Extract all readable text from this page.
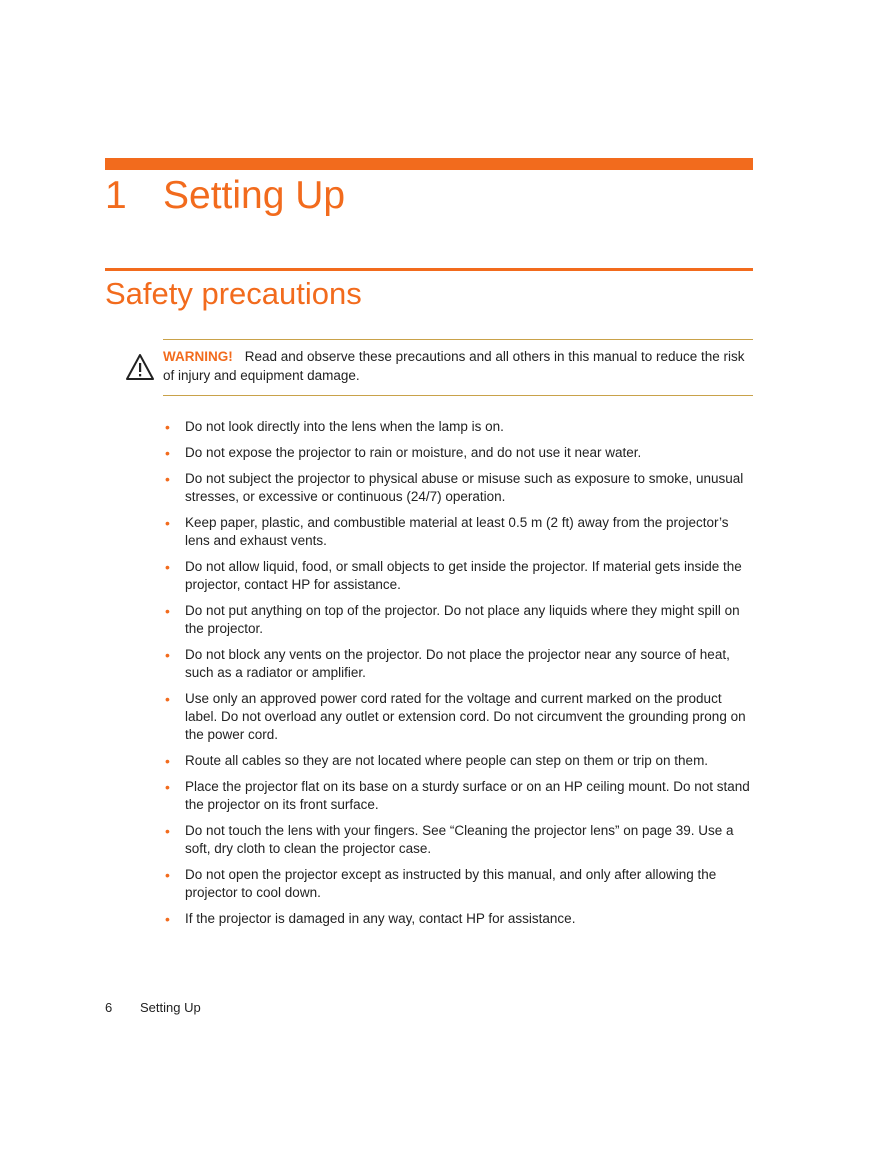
1 Setting Up
Safety precautions

WARNING! Read and observe these precautions and all others in this manual to reduce the risk of injury and equipment damage.

• Do not look directly into the lens when the lamp is on.
• Do not expose the projector to rain or moisture, and do not use it near water.
• Do not subject the projector to physical abuse or misuse such as exposure to smoke, unusual stresses, or excessive or continuous (24/7) operation.
• Keep paper, plastic, and combustible material at least 0.5 m (2 ft) away from the projector’s lens and exhaust vents.
• Do not allow liquid, food, or small objects to get inside the projector. If material gets inside the projector, contact HP for assistance.
• Do not put anything on top of the projector. Do not place any liquids where they might spill on the projector.
• Do not block any vents on the projector. Do not place the projector near any source of heat, such as a radiator or amplifier.
• Use only an approved power cord rated for the voltage and current marked on the product label. Do not overload any outlet or extension cord. Do not circumvent the grounding prong on the power cord.
• Route all cables so they are not located where people can step on them or trip on them.
• Place the projector flat on its base on a sturdy surface or on an HP ceiling mount. Do not stand the projector on its front surface.
• Do not touch the lens with your fingers. See “Cleaning the projector lens” on page 39. Use a soft, dry cloth to clean the projector case.
• Do not open the projector except as instructed by this manual, and only after allowing the projector to cool down.
• If the projector is damaged in any way, contact HP for assistance.
6 Setting Up
